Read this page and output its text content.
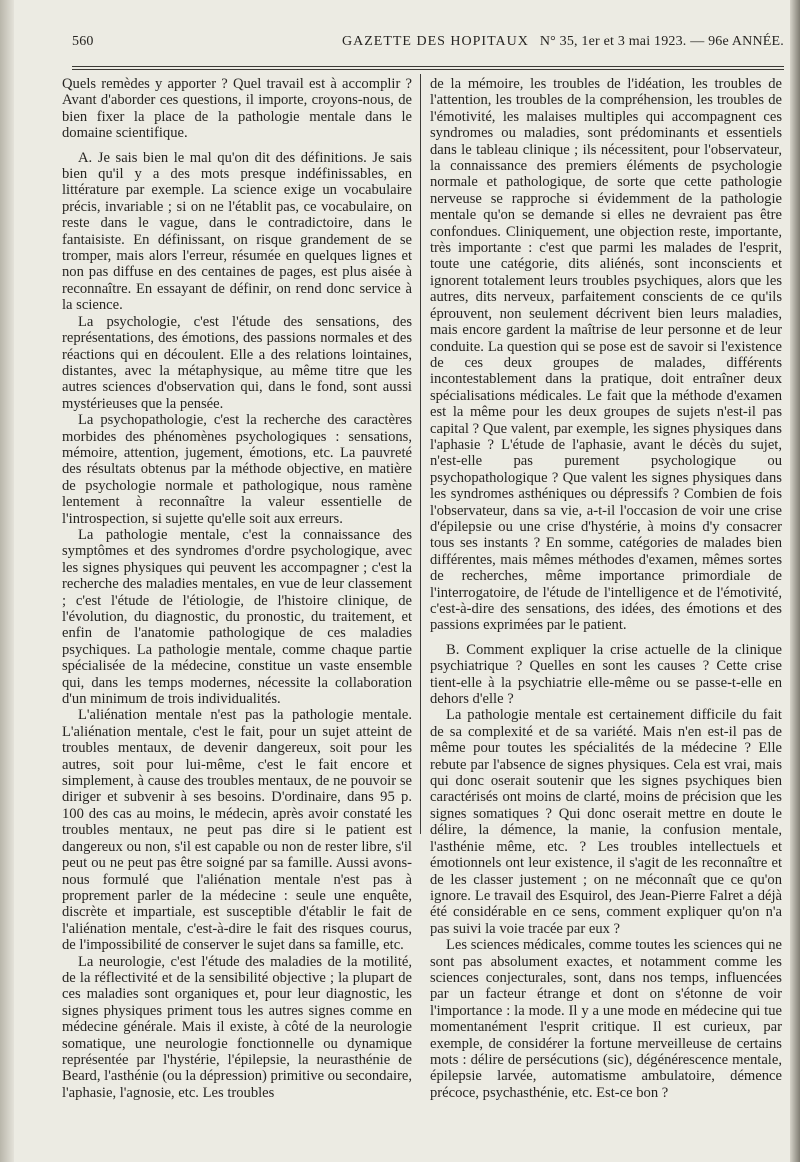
560	GAZETTE DES HOPITAUX N° 35, 1er et 3 mai 1923. — 96e ANNÉE.

Quels remèdes y apporter ? Quel travail est à accomplir ? Avant d'aborder ces questions, il importe, croyons-nous, de bien fixer la place de la pathologie mentale dans le domaine scientifique.

A. Je sais bien le mal qu'on dit des définitions. Je sais bien qu'il y a des mots presque indéfinissables, en littérature par exemple. La science exige un vocabulaire précis, invariable ; si on ne l'établit pas, ce vocabulaire, on reste dans le vague, dans le contradictoire, dans le fantaisiste. En définissant, on risque grandement de se tromper, mais alors l'erreur, résumée en quelques lignes et non pas diffuse en des centaines de pages, est plus aisée à reconnaître. En essayant de définir, on rend donc service à la science.

La psychologie, c'est l'étude des sensations, des représentations, des émotions, des passions normales et des réactions qui en découlent. Elle a des relations lointaines, distantes, avec la métaphysique, au même titre que les autres sciences d'observation qui, dans le fond, sont aussi mystérieuses que la pensée.

La psychopathologie, c'est la recherche des caractères morbides des phénomènes psychologiques : sensations, mémoire, attention, jugement, émotions, etc. La pauvreté des résultats obtenus par la méthode objective, en matière de psychologie normale et pathologique, nous ramène lentement à reconnaître la valeur essentielle de l'introspection, si sujette qu'elle soit aux erreurs.

La pathologie mentale, c'est la connaissance des symptômes et des syndromes d'ordre psychologique, avec les signes physiques qui peuvent les accompagner ; c'est la recherche des maladies mentales, en vue de leur classement ; c'est l'étude de l'étiologie, de l'histoire clinique, de l'évolution, du diagnostic, du pronostic, du traitement, et enfin de l'anatomie pathologique de ces maladies psychiques. La pathologie mentale, comme chaque partie spécialisée de la médecine, constitue un vaste ensemble qui, dans les temps modernes, nécessite la collaboration d'un minimum de trois individualités.

L'aliénation mentale n'est pas la pathologie mentale. L'aliénation mentale, c'est le fait, pour un sujet atteint de troubles mentaux, de devenir dangereux, soit pour les autres, soit pour lui-même, c'est le fait encore et simplement, à cause des troubles mentaux, de ne pouvoir se diriger et subvenir à ses besoins. D'ordinaire, dans 95 p. 100 des cas au moins, le médecin, après avoir constaté les troubles mentaux, ne peut pas dire si le patient est dangereux ou non, s'il est capable ou non de rester libre, s'il peut ou ne peut pas être soigné par sa famille. Aussi avons-nous formulé que l'aliénation mentale n'est pas à proprement parler de la médecine : seule une enquête, discrète et impartiale, est susceptible d'établir le fait de l'aliénation mentale, c'est-à-dire le fait des risques courus, de l'impossibilité de conserver le sujet dans sa famille, etc.

La neurologie, c'est l'étude des maladies de la motilité, de la réflectivité et de la sensibilité objective ; la plupart de ces maladies sont organiques et, pour leur diagnostic, les signes physiques priment tous les autres signes comme en médecine générale. Mais il existe, à côté de la neurologie somatique, une neurologie fonctionnelle ou dynamique représentée par l'hystérie, l'épilepsie, la neurasthénie de Beard, l'asthénie (ou la dépression) primitive ou secondaire, l'aphasie, l'agnosie, etc. Les troubles

de la mémoire, les troubles de l'idéation, les troubles de l'attention, les troubles de la compréhension, les troubles de l'émotivité, les malaises multiples qui accompagnent ces syndromes ou maladies, sont prédominants et essentiels dans le tableau clinique ; ils nécessitent, pour l'observateur, la connaissance des premiers éléments de psychologie normale et pathologique, de sorte que cette pathologie nerveuse se rapproche si évidemment de la pathologie mentale qu'on se demande si elles ne devraient pas être confondues. Cliniquement, une objection reste, importante, très importante : c'est que parmi les malades de l'esprit, toute une catégorie, dits aliénés, sont inconscients et ignorent totalement leurs troubles psychiques, alors que les autres, dits nerveux, parfaitement conscients de ce qu'ils éprouvent, non seulement décrivent bien leurs maladies, mais encore gardent la maîtrise de leur personne et de leur conduite. La question qui se pose est de savoir si l'existence de ces deux groupes de malades, différents incontestablement dans la pratique, doit entraîner deux spécialisations médicales. Le fait que la méthode d'examen est la même pour les deux groupes de sujets n'est-il pas capital ? Que valent, par exemple, les signes physiques dans l'aphasie ? L'étude de l'aphasie, avant le décès du sujet, n'est-elle pas purement psychologique ou psychopathologique ? Que valent les signes physiques dans les syndromes asthéniques ou dépressifs ? Combien de fois l'observateur, dans sa vie, a-t-il l'occasion de voir une crise d'épilepsie ou une crise d'hystérie, à moins d'y consacrer tous ses instants ? En somme, catégories de malades bien différentes, mais mêmes méthodes d'examen, mêmes sortes de recherches, même importance primordiale de l'interrogatoire, de l'étude de l'intelligence et de l'émotivité, c'est-à-dire des sensations, des idées, des émotions et des passions exprimées par le patient.

B. Comment expliquer la crise actuelle de la clinique psychiatrique ? Quelles en sont les causes ? Cette crise tient-elle à la psychiatrie elle-même ou se passe-t-elle en dehors d'elle ?

La pathologie mentale est certainement difficile du fait de sa complexité et de sa variété. Mais n'en est-il pas de même pour toutes les spécialités de la médecine ? Elle rebute par l'absence de signes physiques. Cela est vrai, mais qui donc oserait soutenir que les signes psychiques bien caractérisés ont moins de clarté, moins de précision que les signes somatiques ? Qui donc oserait mettre en doute le délire, la démence, la manie, la confusion mentale, l'asthénie même, etc. ? Les troubles intellectuels et émotionnels ont leur existence, il s'agit de les reconnaître et de les classer justement ; on ne méconnaît que ce qu'on ignore. Le travail des Esquirol, des Jean-Pierre Falret a déjà été considérable en ce sens, comment expliquer qu'on n'a pas suivi la voie tracée par eux ?

Les sciences médicales, comme toutes les sciences qui ne sont pas absolument exactes, et notamment comme les sciences conjecturales, sont, dans nos temps, influencées par un facteur étrange et dont on s'étonne de voir l'importance : la mode. Il y a une mode en médecine qui tue momentanément l'esprit critique. Il est curieux, par exemple, de considérer la fortune merveilleuse de certains mots : délire de persécutions (sic), dégénérescence mentale, épilepsie larvée, automatisme ambulatoire, démence précoce, psychasthénie, etc. Est-ce bon ?
